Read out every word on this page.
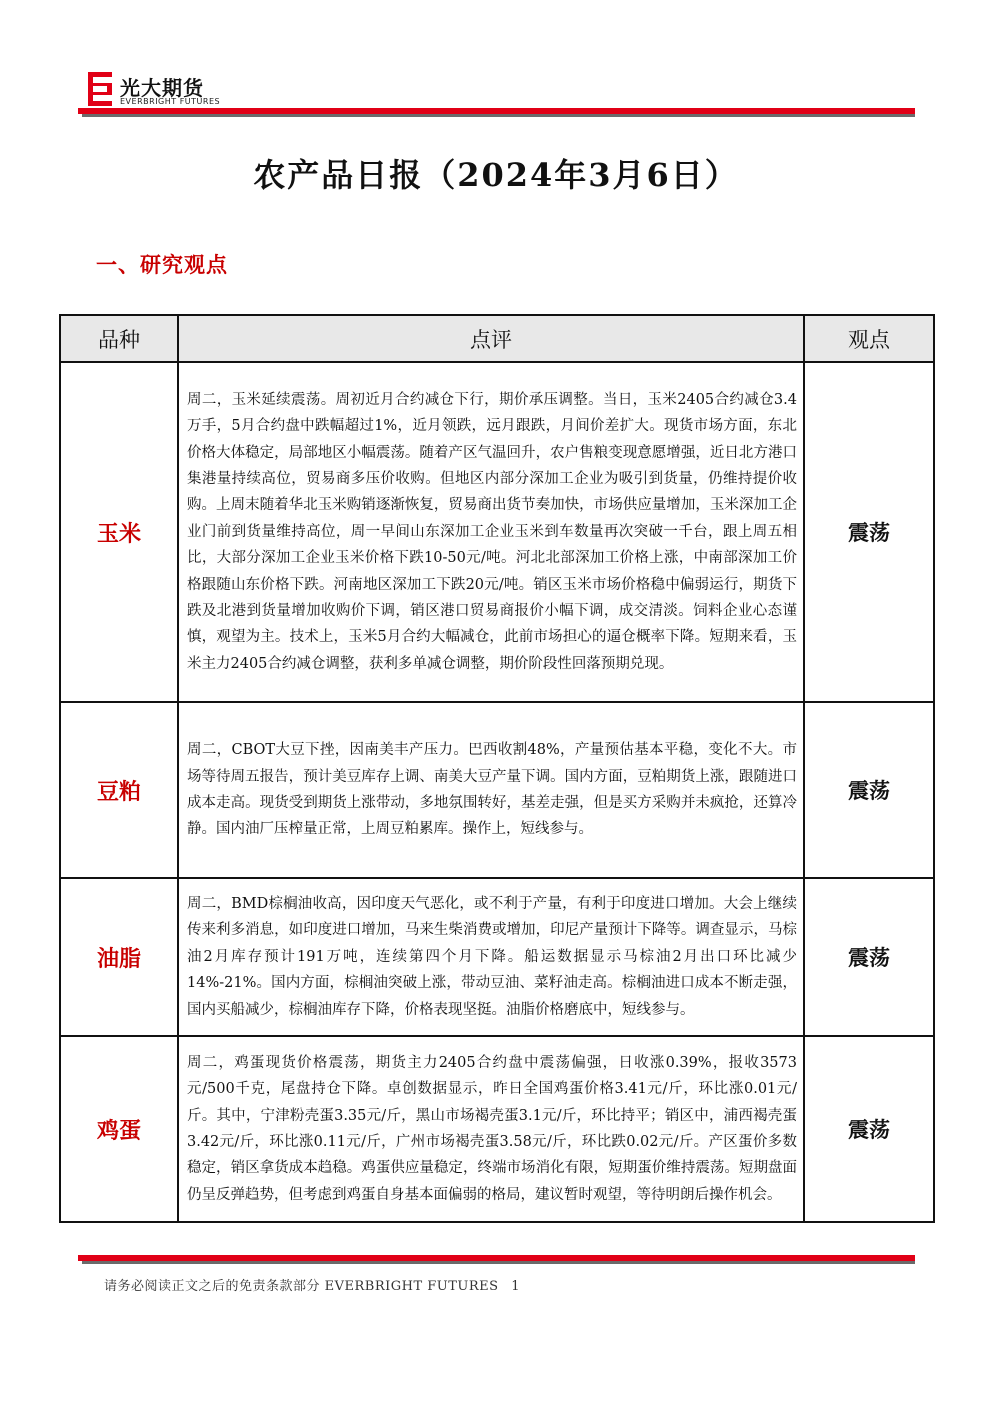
光大期货
EVERBRIGHT FUTURES
农产品日报（2024年3月6日）
一、研究观点
品种	点评	观点
玉米	周二，玉米延续震荡。周初近月合约减仓下行，期价承压调整。当日，玉米2405合约减仓3.4万手，5月合约盘中跌幅超过1%，近月领跌，远月跟跌，月间价差扩大。现货市场方面，东北价格大体稳定，局部地区小幅震荡。随着产区气温回升，农户售粮变现意愿增强，近日北方港口集港量持续高位，贸易商多压价收购。但地区内部分深加工企业为吸引到货量，仍维持提价收购。上周末随着华北玉米购销逐渐恢复，贸易商出货节奏加快，市场供应量增加，玉米深加工企业门前到货量维持高位，周一早间山东深加工企业玉米到车数量再次突破一千台，跟上周五相比，大部分深加工企业玉米价格下跌10-50元/吨。河北北部深加工价格上涨，中南部深加工价格跟随山东价格下跌。河南地区深加工下跌20元/吨。销区玉米市场价格稳中偏弱运行，期货下跌及北港到货量增加收购价下调，销区港口贸易商报价小幅下调，成交清淡。饲料企业心态谨慎，观望为主。技术上，玉米5月合约大幅减仓，此前市场担心的逼仓概率下降。短期来看，玉米主力2405合约减仓调整，获利多单减仓调整，期价阶段性回落预期兑现。	震荡
豆粕	周二，CBOT大豆下挫，因南美丰产压力。巴西收割48%，产量预估基本平稳，变化不大。市场等待周五报告，预计美豆库存上调、南美大豆产量下调。国内方面，豆粕期货上涨，跟随进口成本走高。现货受到期货上涨带动，多地氛围转好，基差走强，但是买方采购并未疯抢，还算冷静。国内油厂压榨量正常，上周豆粕累库。操作上，短线参与。	震荡
油脂	周二，BMD棕榈油收高，因印度天气恶化，或不利于产量，有利于印度进口增加。大会上继续传来利多消息，如印度进口增加，马来生柴消费或增加，印尼产量预计下降等。调查显示，马棕油2月库存预计191万吨，连续第四个月下降。船运数据显示马棕油2月出口环比减少14%-21%。国内方面，棕榈油突破上涨，带动豆油、菜籽油走高。棕榈油进口成本不断走强，国内买船减少，棕榈油库存下降，价格表现坚挺。油脂价格磨底中，短线参与。	震荡
鸡蛋	周二，鸡蛋现货价格震荡，期货主力2405合约盘中震荡偏强，日收涨0.39%，报收3573元/500千克，尾盘持仓下降。卓创数据显示，昨日全国鸡蛋价格3.41元/斤，环比涨0.01元/斤。其中，宁津粉壳蛋3.35元/斤，黑山市场褐壳蛋3.1元/斤，环比持平；销区中，浦西褐壳蛋3.42元/斤，环比涨0.11元/斤，广州市场褐壳蛋3.58元/斤，环比跌0.02元/斤。产区蛋价多数稳定，销区拿货成本趋稳。鸡蛋供应量稳定，终端市场消化有限，短期蛋价维持震荡。短期盘面仍呈反弹趋势，但考虑到鸡蛋自身基本面偏弱的格局，建议暂时观望，等待明朗后操作机会。	震荡
请务必阅读正文之后的免责条款部分 EVERBRIGHT FUTURES 1
